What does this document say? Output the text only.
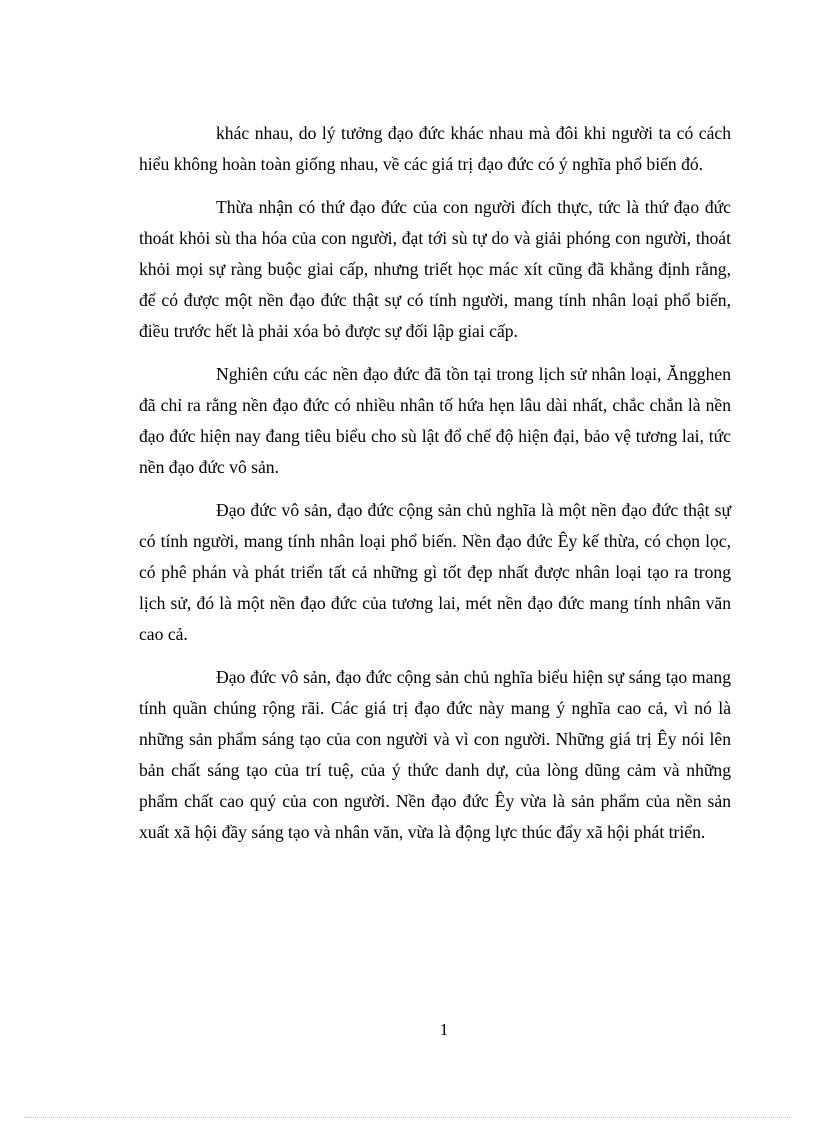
khác nhau, do lý tưởng đạo đức khác nhau mà đôi khi người ta có cách hiểu không hoàn toàn giống nhau, về các giá trị đạo đức có ý nghĩa phổ biến đó.

Thừa nhận có thứ đạo đức của con người đích thực, tức là thứ đạo đức thoát khỏi sù tha hóa của con người, đạt tới sù tự do và giải phóng con người, thoát khỏi mọi sự ràng buộc giai cấp, nhưng triết học mác xít cũng đã khẳng định rằng, để có được một nền đạo đức thật sự có tính người, mang tính nhân loại phổ biến, điều trước hết là phải xóa bỏ được sự đối lập giai cấp.

Nghiên cứu các nền đạo đức đã tồn tại trong lịch sử nhân loại, Ăngghen đã chỉ ra rằng nền đạo đức có nhiều nhân tố hứa hẹn lâu dài nhất, chắc chắn là nền đạo đức hiện nay đang tiêu biểu cho sù lật đổ chế độ hiện đại, bảo vệ tương lai, tức nền đạo đức vô sản.

Đạo đức vô sản, đạo đức cộng sản chủ nghĩa là một nền đạo đức thật sự có tính người, mang tính nhân loại phổ biến. Nền đạo đức Êy kế thừa, có chọn lọc, có phê phán và phát triển tất cả những gì tốt đẹp nhất được nhân loại tạo ra trong lịch sử, đó là một nền đạo đức của tương lai, mét nền đạo đức mang tính nhân văn cao cả.

Đạo đức vô sản, đạo đức cộng sản chủ nghĩa biểu hiện sự sáng tạo mang tính quần chúng rộng rãi. Các giá trị đạo đức này mang ý nghĩa cao cả, vì nó là những sản phẩm sáng tạo của con người và vì con người. Những giá trị Êy nói lên bản chất sáng tạo của trí tuệ, của ý thức danh dự, của lòng dũng cảm và những phẩm chất cao quý của con người. Nền đạo đức Êy vừa là sản phẩm của nền sản xuất xã hội đầy sáng tạo và nhân văn, vừa là động lực thúc đẩy xã hội phát triển.

1
